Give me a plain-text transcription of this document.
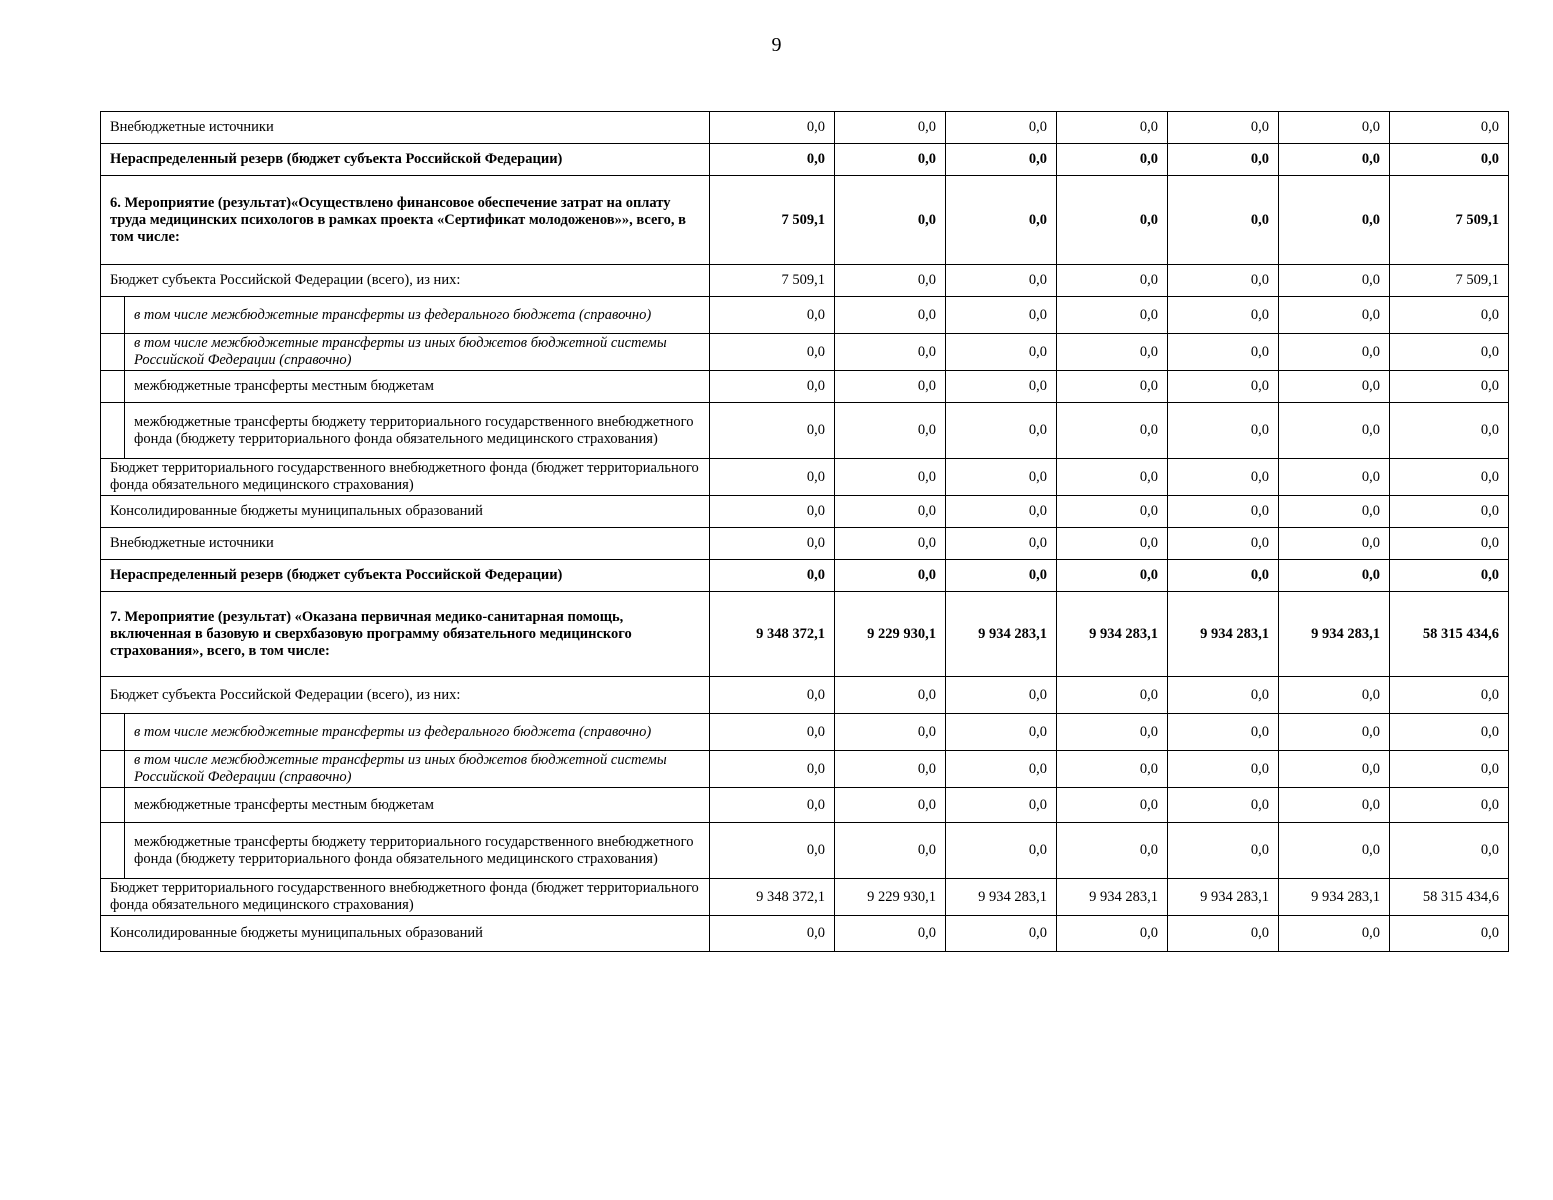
9
Внебюджетные источники		0,0	0,0	0,0	0,0	0,0	0,0	0,0
Нераспределенный резерв (бюджет субъекта Российской Федерации)		0,0	0,0	0,0	0,0	0,0	0,0	0,0
6. Мероприятие (результат)«Осуществлено финансовое обеспечение затрат на оплату труда медицинских психологов в рамках проекта «Сертификат молодоженов»», всего, в том числе:		7 509,1	0,0	0,0	0,0	0,0	0,0	7 509,1
Бюджет субъекта Российской Федерации (всего), из них:		7 509,1	0,0	0,0	0,0	0,0	0,0	7 509,1
	в том числе межбюджетные трансферты из федерального бюджета (справочно)	0,0	0,0	0,0	0,0	0,0	0,0	0,0
	в том числе межбюджетные трансферты из иных бюджетов бюджетной системы Российской Федерации (справочно)	0,0	0,0	0,0	0,0	0,0	0,0	0,0
	межбюджетные трансферты местным бюджетам	0,0	0,0	0,0	0,0	0,0	0,0	0,0
	межбюджетные трансферты бюджету территориального государственного внебюджетного фонда (бюджету территориального фонда обязательного медицинского страхования)	0,0	0,0	0,0	0,0	0,0	0,0	0,0
Бюджет территориального государственного внебюджетного фонда (бюджет территориального фонда обязательного медицинского страхования)		0,0	0,0	0,0	0,0	0,0	0,0	0,0
Консолидированные бюджеты муниципальных образований		0,0	0,0	0,0	0,0	0,0	0,0	0,0
Внебюджетные источники		0,0	0,0	0,0	0,0	0,0	0,0	0,0
Нераспределенный резерв (бюджет субъекта Российской Федерации)		0,0	0,0	0,0	0,0	0,0	0,0	0,0
7. Мероприятие (результат) «Оказана первичная медико-санитарная помощь, включенная в базовую и сверхбазовую программу обязательного медицинского страхования», всего, в том числе:		9 348 372,1	9 229 930,1	9 934 283,1	9 934 283,1	9 934 283,1	9 934 283,1	58 315 434,6
Бюджет субъекта Российской Федерации (всего), из них:		0,0	0,0	0,0	0,0	0,0	0,0	0,0
	в том числе межбюджетные трансферты из федерального бюджета (справочно)	0,0	0,0	0,0	0,0	0,0	0,0	0,0
	в том числе межбюджетные трансферты из иных бюджетов бюджетной системы Российской Федерации (справочно)	0,0	0,0	0,0	0,0	0,0	0,0	0,0
	межбюджетные трансферты местным бюджетам	0,0	0,0	0,0	0,0	0,0	0,0	0,0
	межбюджетные трансферты бюджету территориального государственного внебюджетного фонда (бюджету территориального фонда обязательного медицинского страхования)	0,0	0,0	0,0	0,0	0,0	0,0	0,0
Бюджет территориального государственного внебюджетного фонда (бюджет территориального фонда обязательного медицинского страхования)		9 348 372,1	9 229 930,1	9 934 283,1	9 934 283,1	9 934 283,1	9 934 283,1	58 315 434,6
Консолидированные бюджеты муниципальных образований		0,0	0,0	0,0	0,0	0,0	0,0	0,0
